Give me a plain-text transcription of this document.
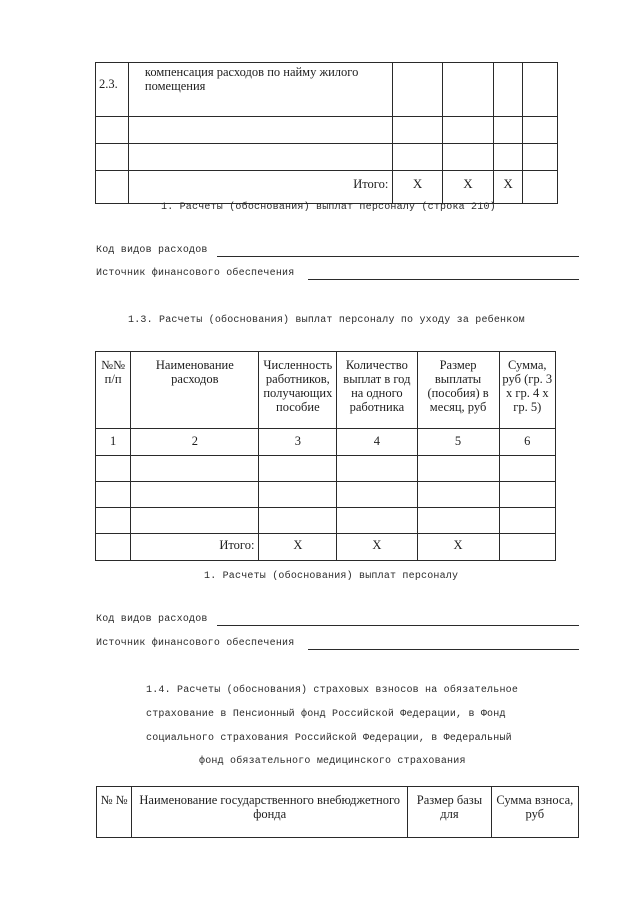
2.3.	компенсация расходов по найму жилого помещения				

	Итого:	X	X	X	
1. Расчеты (обоснования) выплат персоналу (строка 210)
Код видов расходов
Источник финансового обеспечения
1.3. Расчеты (обоснования) выплат персоналу по уходу за ребенком
№№ п/п	Наименование расходов	Численность работников, получающих пособие	Количество выплат в год на одного работника	Размер выплаты (пособия) в месяц, руб	Сумма, руб (гр. 3 х гр. 4 х гр. 5)
1	2	3	4	5	6

	Итого:	X	X	X	
1. Расчеты (обоснования) выплат персоналу
Код видов расходов
Источник финансового обеспечения
1.4. Расчеты (обоснования) страховых взносов на обязательное
страхование в Пенсионный фонд Российской Федерации, в Фонд
социального страхования Российской Федерации, в Федеральный
фонд обязательного медицинского страхования
№ №	Наименование государственного внебюджетного фонда	Размер базы для	Сумма взноса, руб
